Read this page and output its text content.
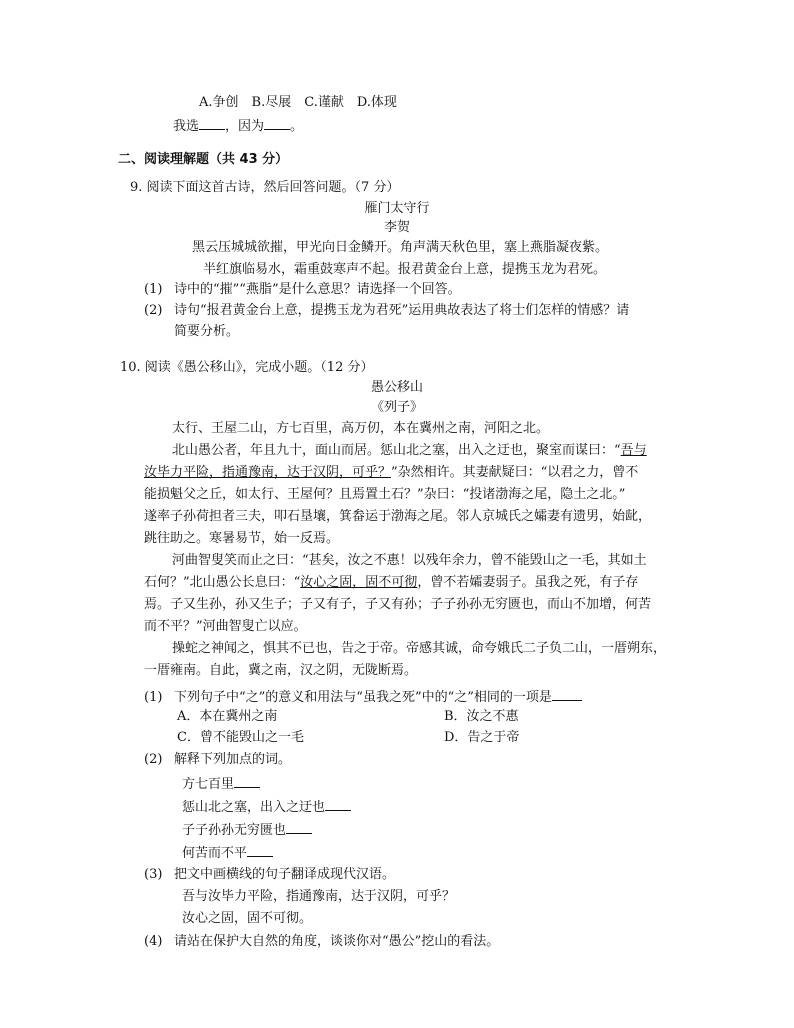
A.争创　B.尽展　C.谨献　D.体现
我选 ，因为 。
二、阅读理解题（共 43 分）
9. 阅读下面这首古诗，然后回答问题。（7 分）
雁门太守行
李贺
黑云压城城欲摧，甲光向日金鳞开。角声满天秋色里，塞上燕脂凝夜紫。
半红旗临易水，霜重鼓寒声不起。报君黄金台上意，提携玉龙为君死。
(1) 诗中的“摧”“燕脂”是什么意思？请选择一个回答。
(2) 诗句“报君黄金台上意，提携玉龙为君死”运用典故表达了将士们怎样的情感？请
简要分析。
10. 阅读《愚公移山》，完成小题。（12 分）
愚公移山
《列子》
太行、王屋二山，方七百里，高万仞，本在冀州之南，河阳之北。
北山愚公者，年且九十，面山而居。惩山北之塞，出入之迂也，聚室而谋曰：“吾与
汝毕力平险，指通豫南，达于汉阴，可乎？”杂然相许。其妻献疑曰：“以君之力，曾不
能损魁父之丘，如太行、王屋何？且焉置土石？”杂曰：“投诸渤海之尾，隐土之北。”
遂率子孙荷担者三夫，叩石垦壤，箕畚运于渤海之尾。邻人京城氏之孀妻有遗男，始龀，
跳往助之。寒暑易节，始一反焉。
河曲智叟笑而止之曰：“甚矣，汝之不惠！以残年余力，曾不能毁山之一毛，其如土
石何？”北山愚公长息曰：“汝心之固，固不可彻，曾不若孀妻弱子。虽我之死，有子存
焉。子又生孙，孙又生子；子又有子，子又有孙；子子孙孙无穷匮也，而山不加增，何苦
而不平？”河曲智叟亡以应。
操蛇之神闻之，惧其不已也，告之于帝。帝感其诚，命夸娥氏二子负二山，一厝朔东，
一厝雍南。自此，冀之南，汉之阴，无陇断焉。
(1) 下列句子中“之”的意义和用法与“虽我之死”中的“之”相同的一项是
A．本在冀州之南	B．汝之不惠
C．曾不能毁山之一毛	D．告之于帝
(2) 解释下列加点的词。
方七百里
惩山北之塞，出入之迂也
子子孙孙无穷匮也
何苦而不平
(3) 把文中画横线的句子翻译成现代汉语。
吾与汝毕力平险，指通豫南，达于汉阴，可乎？
汝心之固，固不可彻。
(4) 请站在保护大自然的角度，谈谈你对“愚公”挖山的看法。
